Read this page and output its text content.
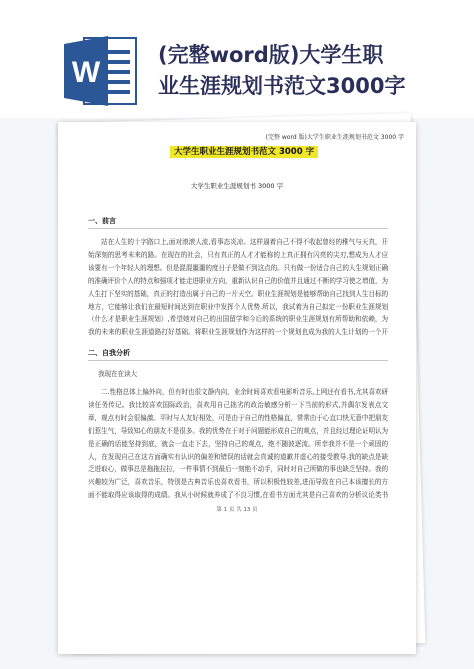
W
(完整word版)大学生职
业生涯规划书范文3000字
(完整 word 版)大学生职业生涯规划书范文 3000 字
大学生职业生涯规划书范文 3000 字
大学生职业生涯规划书 3000 字
一、前言
站在人生的十字路口上,面对滚滚人流,看事态炎凉。这样逼着自己不得不收起曾经的稚气与天真，开始深刻的思考未来的路。在现在的社会，只有真正的人才才能称的上真正拥有闪亮的尖刃,想成为人才应该要有一个年轻人的理想。但是混混噩噩的度日子是做不到这点的。只有做一份适合自己的人生规划正确的准确评价个人的特点和强项才能走进职业方向，重新认识自己的价值并且通过不断的学习使之增值，为人生打下坚实的基础，真正的打造出属于自己的一片天空。职业生涯规划是能够帮助自己找到人生目标的地方，它能够让我们在最短时间达到在职业中发挥个人优势.所以，我试着为自己拟定一份职业生涯规划（什么才是职业生涯规划）,希望她对自己的出国留学和今后的系统的职业生涯规划有所帮助和依赖，为我的未来的职业生涯道路打好基础。将职业生涯规划作为这样的一个规划也成为我的人生计划的一个开
二、自我分析
我现在在读大
二.性格总体上偏外向，但有时也很文静内向，业余时间喜欢看电影听音乐,上网还有看书,尤其喜欢研读任务传记。我比较喜欢国际政治，喜欢用自己拙劣的政治敏感分析一下当前的形式,并偶尔发表点文章，观点有时会很偏激。平时与人友好相处，可是由于自己的性格偏直，常常由于心直口快无意中把朋友们惹生气，导致知心的朋友不是很多。我的优势在于对于问题能形成自己的观点，并且经过理论证明认为是正确的话能坚持到底，就会一直走下去，坚持自己的观点，绝不随波逐流。所幸我并不是一个顽固的人，在发现自己在这方面确实有认识的偏差和错误的话就会真诚的道歉并虚心的接受教导.我的缺点是缺乏进取心，做事总是拖拖拉拉，一件事情不到最后一刻绝不动手，同时对自己所做的事也缺乏坚持。我的兴趣较为广泛，喜欢音乐，特别是古典音乐也喜欢看书，所以积极性较差,进而导致在自己本该擅长的方面不能取得应该取得的成绩。我从小时候就养成了不良习惯,在看书方面尤其是自己喜欢的分析议论类书
第 1 页 共 13 页
